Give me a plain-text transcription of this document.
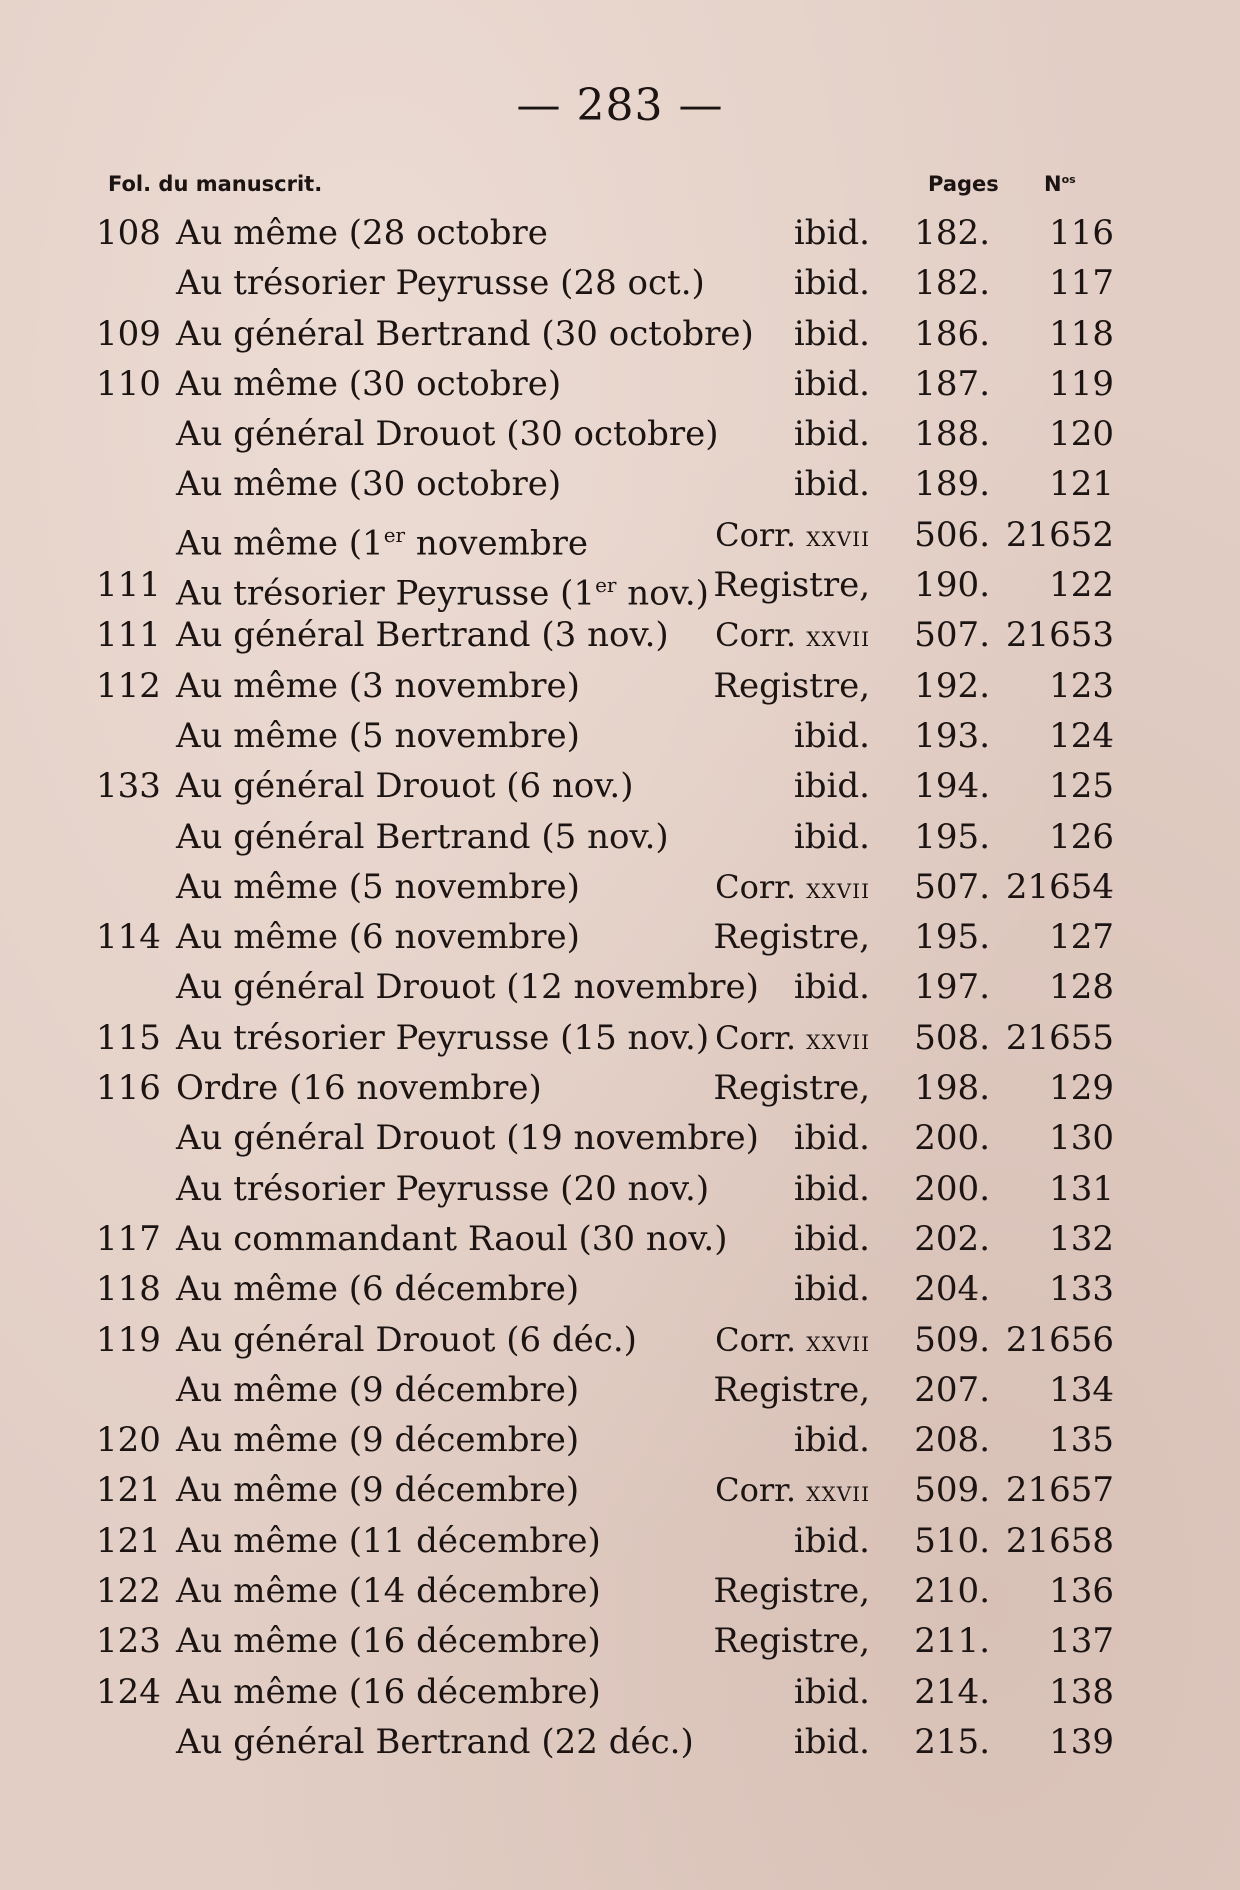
— 283 —
Fol. du manuscrit.	Pages $N^{os}$
108 Au même (28 octobre	ibid.	182.	116
Au trésorier Peyrusse (28 oct.)	ibid.	182.	117
109 Au général Bertrand (30 octobre)	ibid.	186.	118
110 Au même (30 octobre)	ibid.	187.	119
Au général Drouot (30 octobre)	ibid.	188.	120
Au même (30 octobre)	ibid.	189.	121
Au même (1er novembre	Corr. xxvii	506. 21652
111 Au trésorier Peyrusse (1er nov.) Registre,	190.	122
111 Au général Bertrand (3 nov.)	Corr. xxvii	507. 21653
112 Au même (3 novembre)	Registre,	192.	123
Au même (5 novembre)	ibid.	193.	124
133 Au général Drouot (6 nov.)	ibid.	194.	125
Au général Bertrand (5 nov.)	ibid.	195.	126
Au même (5 novembre)	Corr. xxvii	507. 21654
114 Au même (6 novembre)	Registre,	195.	127
Au général Drouot (12 novembre)	ibid.	197.	128
115 Au trésorier Peyrusse (15 nov.) Corr. xxvii	508. 21655
116 Ordre (16 novembre)	Registre,	198.	129
Au général Drouot (19 novembre)	ibid.	200.	130
Au trésorier Peyrusse (20 nov.)	ibid.	200.	131
117 Au commandant Raoul (30 nov.)	ibid.	202.	132
118 Au même (6 décembre)	ibid.	204.	133
119 Au général Drouot (6 déc.)	Corr. xxvii	509. 21656
Au même (9 décembre)	Registre,	207.	134
120 Au même (9 décembre)	ibid.	208.	135
121 Au même (9 décembre)	Corr. xxvii	509. 21657
121 Au même (11 décembre)	ibid.	510. 21658
122 Au même (14 décembre)	Registre,	210.	136
123 Au même (16 décembre)	Registre,	211.	137
124 Au même (16 décembre)	ibid.	214.	138
Au général Bertrand (22 déc.)	ibid.	215.	139
